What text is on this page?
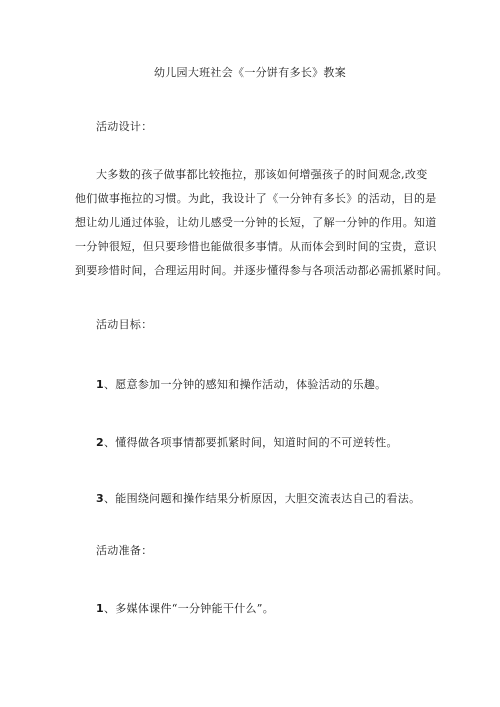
幼儿园大班社会《一分饼有多长》教案
活动设计：
大多数的孩子做事都比较拖拉，那该如何增强孩子的时间观念,改变
他们做事拖拉的习惯。为此，我设计了《一分钟有多长》的活动，目的是
想让幼儿通过体验，让幼儿感受一分钟的长短，了解一分钟的作用。知道
一分钟很短，但只要珍惜也能做很多事情。从而体会到时间的宝贵，意识
到要珍惜时间，合理运用时间。并逐步懂得参与各项活动都必需抓紧时间。
活动目标：
1、愿意参加一分钟的感知和操作活动，体验活动的乐趣。
2、懂得做各项事情都要抓紧时间，知道时间的不可逆转性。
3、能围绕问题和操作结果分析原因，大胆交流表达自己的看法。
活动准备：
1、多媒体课件“一分钟能干什么”。
